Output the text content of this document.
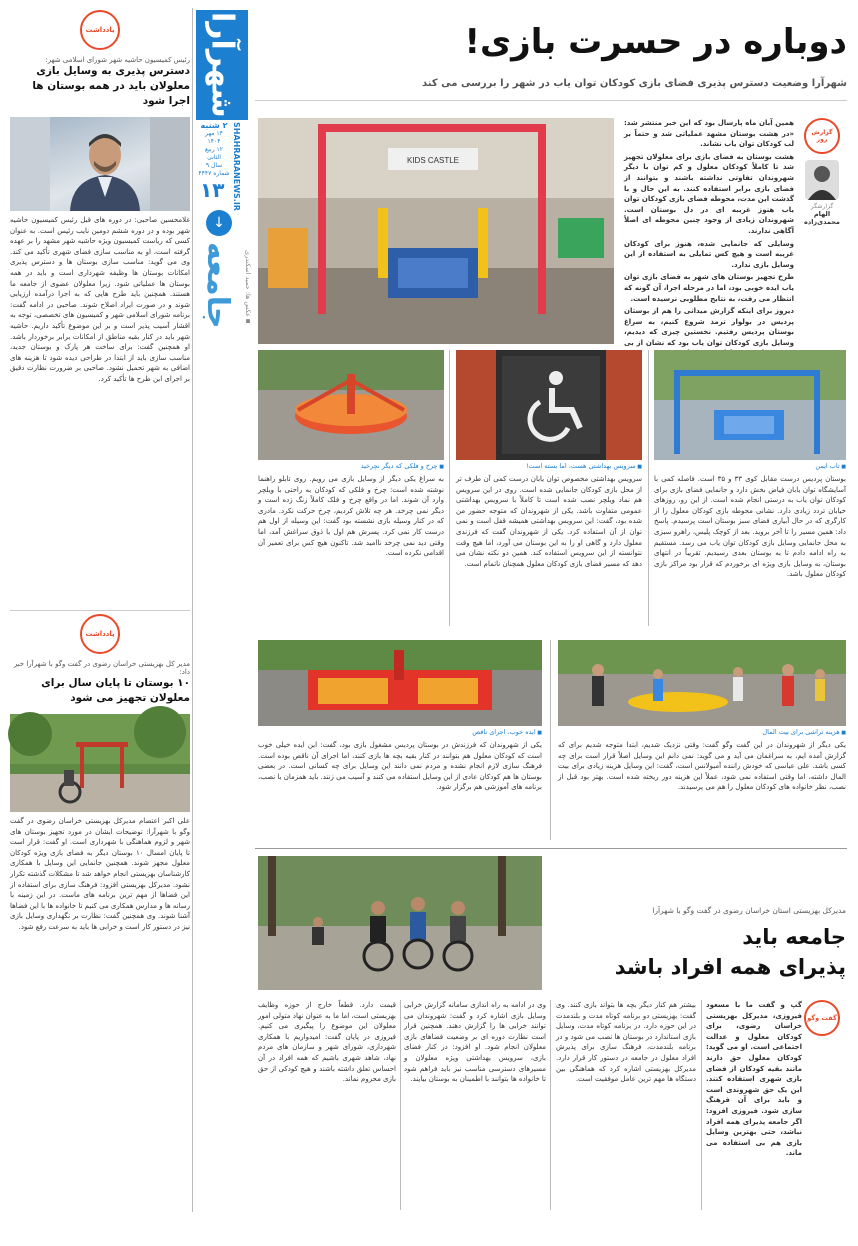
یادداشت
رئیس کمیسیون حاشیه شهر شورای اسلامی شهر:
دسترس پذیری به وسایل بازی معلولان باید در همه بوستان ها اجرا شود
غلامحسین صاحبی: در دوره های قبل رئیس کمیسیون حاشیه شهر بوده و در دوره ششم دومین نایب رئیس است. به عنوان کسی که ریاست کمیسیون ویژه حاشیه شهر مشهد را بر عهده گرفته است، او به مناسب سازی فضای شهری تأکید می کند. وی می گوید: مناسب سازی بوستان ها و دسترس پذیری امکانات بوستان ها وظیفه شهرداری است و باید در همه بوستان ها عملیاتی شود. زیرا معلولان عضوی از جامعه ما هستند. همچنین باید طرح هایی که به اجرا درآمده ارزیابی شوند و در صورت ایراد اصلاح شوند. صاحبی در ادامه گفت: برنامه شورای اسلامی شهر و کمیسیون های تخصصی، توجه به اقشار آسیب پذیر است و بر این موضوع تأکید داریم. حاشیه شهر باید در کنار بقیه مناطق از امکانات برابر برخوردار باشد. او همچنین گفت: برای ساخت هر پارک و بوستان جدید، مناسب سازی باید از ابتدا در طراحی دیده شود تا هزینه های اضافی به شهر تحمیل نشود. صاحبی بر ضرورت نظارت دقیق بر اجرای این طرح ها تأکید کرد.
یادداشت
مدیر کل بهزیستی خراسان رضوی در گفت وگو با شهرآرا خبر داد:
۱۰ بوستان تا پایان سال برای معلولان تجهیز می شود
علی اکبر اعتصام مدیرکل بهزیستی خراسان رضوی در گفت وگو با شهرآرا: توضیحات ایشان در مورد تجهیز بوستان های شهر و لزوم هماهنگی با شهرداری است. او گفت: قرار است تا پایان امسال ۱۰ بوستان دیگر به فضای بازی ویژه کودکان معلول مجهز شوند. همچنین جانمایی این وسایل با همکاری کارشناسان بهزیستی انجام خواهد شد تا مشکلات گذشته تکرار نشود. مدیرکل بهزیستی افزود: فرهنگ سازی برای استفاده از این فضاها از مهم ترین برنامه های ماست. در این زمینه با رسانه ها و مدارس همکاری می کنیم تا خانواده ها با این فضاها آشنا شوند. وی همچنین گفت: نظارت بر نگهداری وسایل بازی نیز در دستور کار است و خرابی ها باید به سرعت رفع شود.
شهرآرا
SHAHRARANEWS.IR
۲ شنبه
۱۴ مهر ۱۴۰۴
۱۲ ربیع الثانی
سال ۹ شماره ۴۴۴۷
۱۳
↓
جامعه
دوباره در حسرت بازی!
شهرآرا وضعیت دسترس پذیری فضای بازی کودکان توان یاب در شهر را بررسی می کند
KIDS CASTLE
■ عکس ها: حمید اسکندری
گزارش روز
گزارشگر
الهام محمدی‌زاده

همین آبان ماه پارسال بود که این خبر منتشر شد: «در هشت بوستان مشهد عملیاتی شد و حتماً بر لب کودکان توان یاب نشاند.

هشت بوستان به فضای بازی برای معلولان تجهیز شد تا کاملاً کودکان معلول و کم توان با دیگر شهروندان تفاوتی نداشته باشند و بتوانند از فضای بازی برابر استفاده کنند. به این حال و با گذشت این مدت، محوطه فضای بازی کودکان توان یاب هنوز غریبه ای در دل بوستان است. شهروندان زیادی از وجود چنین محوطه ای اصلاً آگاهی ندارند.

وسایلی که جانمایی شده، هنوز برای کودکان غریبه است و هیچ کس تمایلی به استفاده از این وسایل بازی ندارد.

طرح تجهیز بوستان های شهر به فضای بازی توان یاب ایده خوبی بود، اما در مرحله اجرا، آن گونه که انتظار می رفت، به نتایج مطلوبی نرسیده است.

دیروز برای اینکه گزارش میدانی را هم از بوستان پردیس در بولوار ترمذ شروع کنیم، به سراغ بوستان پردیس رفتیم. نخستین چیزی که دیدیم، وسایل بازی کودکان توان یاب بود که نشان از بی

■ چرخ و فلکی که دیگر نچرخید	■ سرویس بهداشتی هست، اما بسته است!	■ تاب ایمن
به سراغ یکی دیگر از وسایل بازی می رویم. روی تابلو راهنما نوشته شده است: چرخ و فلکی که کودکان به راحتی با ویلچر وارد آن شوند. اما در واقع چرخ و فلک کاملاً زنگ زده است و دیگر نمی چرخد. هر چه تلاش کردیم، چرخ حرکت نکرد. مادری که در کنار وسیله بازی نشسته بود گفت: این وسیله از اول هم درست کار نمی کرد. پسرش هم اول با ذوق سراغش آمد، اما وقتی دید نمی چرخد ناامید شد. تاکنون هیچ کس برای تعمیر آن اقدامی نکرده است.
سرویس بهداشتی مخصوص توان یابان درست کمی آن طرف تر از محل بازی کودکان جانمایی شده است. روی در این سرویس هم نماد ویلچر نصب شده است تا کاملاً با سرویس بهداشتی عمومی متفاوت باشد. یکی از شهروندان که متوجه حضور من شده بود، گفت: این سرویس بهداشتی همیشه قفل است و نمی توان از آن استفاده کرد. یکی از شهروندان گفت که فرزندی معلول دارد و گاهی او را به این بوستان می آورد، اما هیچ وقت نتوانسته از این سرویس استفاده کند. همین دو نکته نشان می دهد که مسیر فضای بازی کودکان معلول همچنان ناتمام است.
بوستان پردیس درست مقابل کوی ۳۳ و ۳۵ است. فاصله کمی با آسایشگاه توان یابان فیاض بخش دارد و جانمایی فضای بازی برای کودکان توان یاب به درستی انجام شده است. از این رو، روزهای خیابان تردد زیادی دارد. نشانی محوطه بازی کودکان معلول را از کارگری که در حال آبیاری فضای سبز بوستان است پرسیدم. پاسخ داد: همین مسیر را تا آخر بروید. بعد از کوچک پلیس، راهرو سبزی به محل جانمایی وسایل بازی کودکان توان یاب می رسد. مستقیم به راه ادامه دادم تا به بوستان بعدی رسیدیم. تقریباً در انتهای بوستان، به وسایل بازی ویژه ای برخوردم که قرار بود مراکز بازی کودکان معلول باشد.
■ ایده خوب، اجرای ناقص	■ هزینه تراشی برای بیت المال
یکی از شهروندان که فرزندش در بوستان پردیس مشغول بازی بود، گفت: این ایده خیلی خوب است که کودکان معلول هم بتوانند در کنار بقیه بچه ها بازی کنند، اما اجرای آن ناقص بوده است. فرهنگ سازی لازم انجام نشده و مردم نمی دانند این وسایل برای چه کسانی است. در بعضی بوستان ها هم کودکان عادی از این وسایل استفاده می کنند و آسیب می زنند. باید همزمان با نصب، برنامه های آموزشی هم برگزار شود.
یکی دیگر از شهروندان در این گفت وگو گفت: وقتی نزدیک شدیم، ابتدا متوجه شدیم برای که گزارش آمده ایم، به سراغمان می آید و می گوید: نمی دانم این وسایل اصلاً قرار است برای چه کسی باشد. علی عباسی که خودش راننده آمبولانس است، گفت: این وسایل هزینه زیادی برای بیت المال داشته، اما وقتی استفاده نمی شود، عملاً این هزینه دور ریخته شده است. بهتر بود قبل از نصب، نظر خانواده های کودکان معلول را هم می پرسیدند.
مدیرکل بهزیستی استان خراسان رضوی در گفت وگو با شهرآرا
جامعه باید
پذیرای همه افراد باشد
گفت وگو
گپ و گفت ما با مسعود فیروزی، مدیرکل بهزیستی خراسان رضوی، برای کودکان معلول و عدالت اجتماعی است. او می گوید: کودکان معلول حق دارند مانند بقیه کودکان از فضای بازی شهری استفاده کنند. این یک حق شهروندی است و باید برای آن فرهنگ سازی شود. فیروزی افزود: اگر جامعه پذیرای همه افراد نباشد، حتی بهترین وسایل بازی هم بی استفاده می ماند.
بیشتر هم کنار دیگر بچه ها بتواند بازی کنند. وی گفت: بهزیستی دو برنامه کوتاه مدت و بلندمدت در این حوزه دارد. در برنامه کوتاه مدت، وسایل بازی استاندارد در بوستان ها نصب می شود و در برنامه بلندمدت، فرهنگ سازی برای پذیرش افراد معلول در جامعه در دستور کار قرار دارد. مدیرکل بهزیستی اشاره کرد که هماهنگی بین دستگاه ها مهم ترین عامل موفقیت است.
وی در ادامه به راه اندازی سامانه گزارش خرابی وسایل بازی اشاره کرد و گفت: شهروندان می توانند خرابی ها را گزارش دهند. همچنین قرار است نظارت دوره ای بر وضعیت فضاهای بازی معلولان انجام شود. او افزود: در کنار فضای بازی، سرویس بهداشتی ویژه معلولان و مسیرهای دسترسی مناسب نیز باید فراهم شود تا خانواده ها بتوانند با اطمینان به بوستان بیایند.
قیمت دارد. قطعاً خارج از حوزه وظایف بهزیستی است، اما ما به عنوان نهاد متولی امور معلولان این موضوع را پیگیری می کنیم. فیروزی در پایان گفت: امیدواریم با همکاری شهرداری، شورای شهر و سازمان های مردم نهاد، شاهد شهری باشیم که همه افراد در آن احساس تعلق داشته باشند و هیچ کودکی از حق بازی محروم نماند.
